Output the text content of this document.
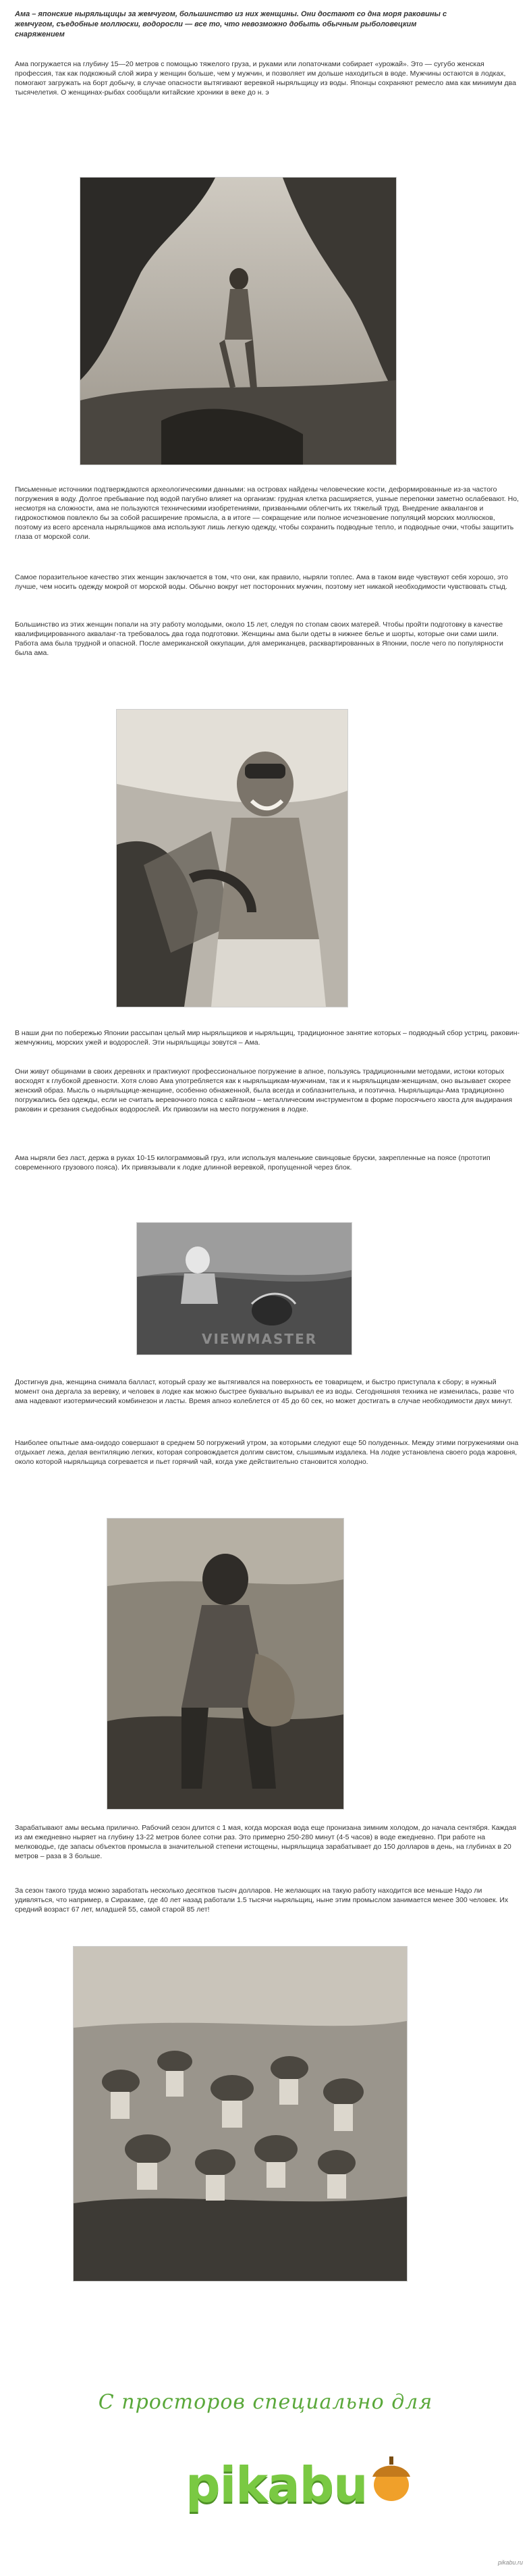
Ама – японские ныряльщицы за жемчугом, большинство из них женщины. Они достают со дна моря раковины с жемчугом, съедобные моллюски, водоросли — все то, что невозможно добыть обычным рыболовецким снаряжением
Ама погружается на глубину 15—20 метров с помощью тяжелого груза, и руками или лопаточками собирает «урожай». Это — сугубо женская профессия, так как подкожный слой жира у женщин больше, чем у мужчин, и позволяет им дольше находиться в воде. Мужчины остаются в лодках, помогают загружать на борт добычу, в случае опасности вытягивают веревкой ныряльщицу из воды. Японцы сохраняют ремесло ама как минимум два тысячелетия. О женщинах-рыбах сообщали китайские хроники в веке до н. э
Письменные источники подтверждаются археологическими данными: на островах найдены человеческие кости, деформированные из-за частого погружения в воду. Долгое пребывание под водой пагубно влияет на организм: грудная клетка расширяется, ушные перепонки заметно ослабевают. Но, несмотря на сложности, ама не пользуются техническими изобретениями, призванными облегчить их тяжелый труд. Внедрение аквалангов и гидрокостюмов повлекло бы за собой расширение промысла, а в итоге — сокращение или полное исчезновение популяций морских моллюсков, поэтому из всего арсенала ныряльщиков ама используют лишь легкую одежду, чтобы сохранить подводные тепло, и подводные очки, чтобы защитить глаза от морской соли.
Самое поразительное качество этих женщин заключается в том, что они, как правило, ныряли топлес. Ама в таком виде чувствуют себя хорошо, это лучше, чем носить одежду мокрой от морской воды. Обычно вокруг нет посторонних мужчин, поэтому нет никакой необходимости чувствовать стыд.
Большинство из этих женщин попали на эту работу молодыми, около 15 лет, следуя по стопам своих матерей. Чтобы пройти подготовку в качестве квалифицированного акваланг-та требовалось два года подготовки. Женщины ама были одеты в нижнее белье и шорты, которые они сами шили. Работа ама была трудной и опасной. После американской оккупации, для американцев, расквартированных в Японии, после чего по популярности была ама.
В наши дни по побережью Японии рассыпан целый мир ныряльщиков и ныряльщиц, традиционное занятие которых – подводный сбор устриц, раковин-жемчужниц, морских ужей и водорослей. Эти ныряльщицы зовутся – Ама.
Они живут общинами в своих деревнях и практикуют профессиональное погружение в апное, пользуясь традиционными методами, истоки которых восходят к глубокой древности. Хотя слово Ама употребляется как к ныряльщикам-мужчинам, так и к ныряльщицам-женщинам, оно вызывает скорее женский образ. Мысль о ныряльщице-женщине, особенно обнаженной, была всегда и соблазнительна, и поэтична. Ныряльщицы-Ама традиционно погружались без одежды, если не считать веревочного пояса с кайганом – металлическим инструментом в форме поросячьего хвоста для выдирания раковин и срезания съедобных водорослей. Их привозили на место погружения в лодке.
Ама ныряли без ласт, держа в руках 10-15 килограммовый груз, или используя маленькие свинцовые бруски, закрепленные на поясе (прототип современного грузового пояса). Их привязывали к лодке длинной веревкой, пропущенной через блок.
VIEWMASTER
Достигнув дна, женщина снимала балласт, который сразу же вытягивался на поверхность ее товарищем, и быстро приступала к сбору; в нужный момент она дергала за веревку, и человек в лодке как можно быстрее буквально вырывал ее из воды. Сегодняшняя техника не изменилась, разве что ама надевают изотермический комбинезон и ласты. Время апноэ колеблется от 45 до 60 сек, но может достигать в случае необходимости двух минут.
Наиболее опытные ама-оидодо совершают в среднем 50 погружений утром, за которыми следуют еще 50 полуденных. Между этими погружениями она отдыхает лежа, делая вентиляцию легких, которая сопровождается долгим свистом, слышимым издалека. На лодке установлена своего рода жаровня, около которой ныряльщица согревается и пьет горячий чай, когда уже действительно становится холодно.
Зарабатывают амы весьма прилично. Рабочий сезон длится с 1 мая, когда морская вода еще пронизана зимним холодом, до начала сентября. Каждая из ам ежедневно ныряет на глубину 13-22 метров более сотни раз. Это примерно 250-280 минут (4-5 часов) в воде ежедневно. При работе на мелководье, где запасы объектов промысла в значительной степени истощены, ныряльщица зарабатывает до 150 долларов в день, на глубинах в 20 метров – раза в 3 больше.
За сезон такого труда можно заработать несколько десятков тысяч долларов. Не желающих на такую работу находится все меньше Надо ли удивляться, что например, в Сиракаме, где 40 лет назад работали 1.5 тысячи ныряльщиц, ныне этим промыслом занимается менее 300 человек. Их средний возраст 67 лет, младшей 55, самой старой 85 лет!
С просторов специально для
pikabu
pikabu.ru
